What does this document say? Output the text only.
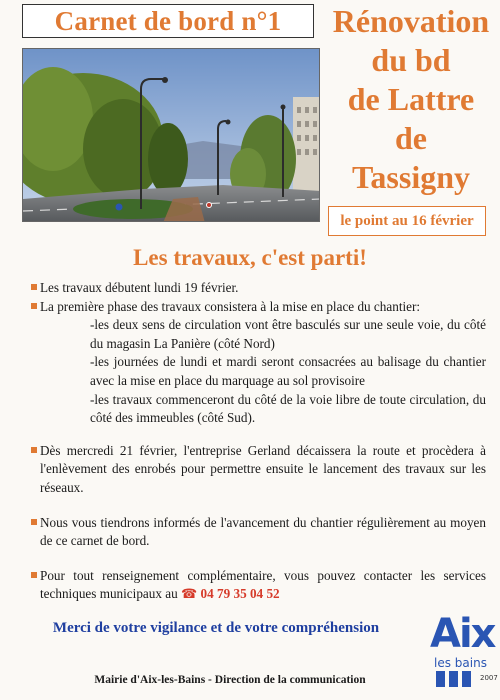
Carnet de bord n°1 Rénovation
du bd
de Lattre
de
Tassigny
le point au 16 février
Les travaux, c'est parti!
Les travaux débutent lundi 19 février.
La première phase des travaux consistera à la mise en place du chantier:

-les deux sens de circulation vont être basculés sur une seule voie, du côté du magasin La Panière (côté Nord)

-les journées de lundi et mardi seront consacrées au balisage du chantier avec la mise en place du marquage au sol provisoire

-les travaux commenceront du côté de la voie libre de toute circulation, du côté des immeubles (côté Sud).

Dès mercredi 21 février, l'entreprise Gerland décaissera la route et procèdera à l'enlèvement des enrobés pour permettre ensuite le lancement des travaux sur les réseaux.
Nous vous tiendrons informés de l'avancement du chantier régulièrement au moyen de ce carnet de bord.
Pour tout renseignement complémentaire, vous pouvez contacter les services techniques municipaux au ☎ 04 79 35 04 52
Merci de votre vigilance et de votre compréhension	Aix
les bains
2007
Mairie d'Aix-les-Bains - Direction de la communication
